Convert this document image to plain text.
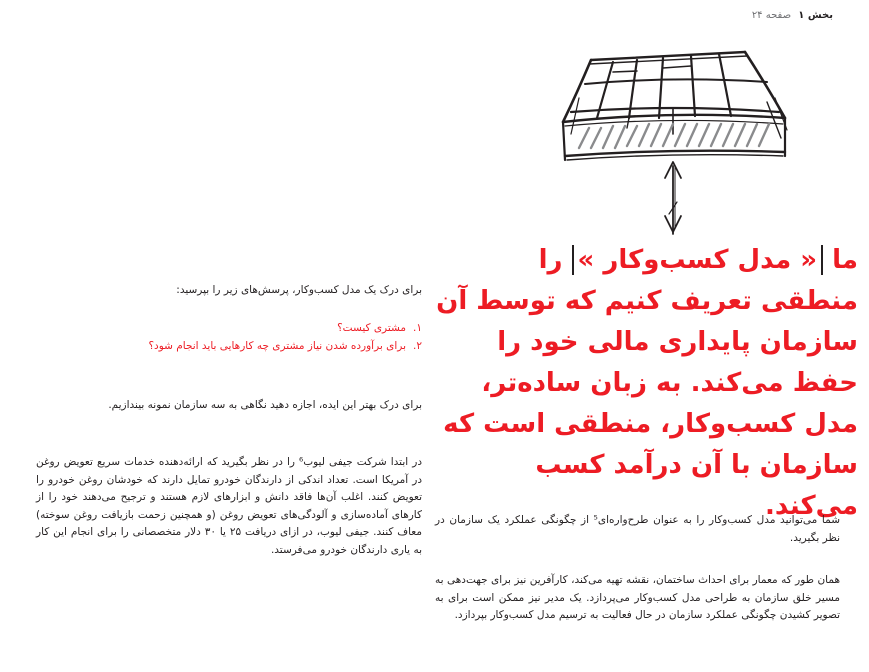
برای درک یک مدل کسب‌وکار، پرسش‌های زیر را بپرسید:

۱.
مشتری کیست؟
۲.
برای برآورده شدن نیاز مشتری چه کارهایی باید انجام شود؟

برای درک بهتر این ایده، اجازه دهید نگاهی به سه سازمان نمونه بیندازیم.

در ابتدا شرکت جیفی لیوب⁶ را در نظر بگیرید که ارائه‌دهنده خدمات سریع تعویض روغن در آمریکا است. تعداد اندکی از دارندگان خودرو تمایل دارند که خودشان روغن خودرو را تعویض کنند. اغلب آن‌ها فاقد دانش و ابزارهای لازم هستند و ترجیح می‌دهند خود را از کارهای آماده‌سازی و آلودگی‌های تعویض روغن (و همچنین زحمت بازیافت روغن سوخته) معاف کنند. جیفی لیوب، در ازای دریافت ۲۵ یا ۳۰ دلار متخصصانی را برای انجام این کار به یاری دارندگان خودرو می‌فرستد.

بخش ۱ صفحه ۲۴
ما « مدل کسب‌وکار » را منطقی تعریف کنیم که توسط آن سازمان پایداری مالی خود را حفظ می‌کند. به زبان ساده‌تر، مدل کسب‌وکار، منطقی است که سازمان با آن درآمد کسب می‌کند.

شما می‌توانید مدل کسب‌وکار را به عنوان طرح‌واره‌ای⁵ از چگونگی عملکرد یک سازمان در نظر بگیرید.

همان طور که معمار برای احداث ساختمان، نقشه تهیه می‌کند، کارآفرین نیز برای جهت‌دهی به مسیر خلق سازمان به طراحی مدل کسب‌وکار می‌پردازد. یک مدیر نیز ممکن است برای به تصویر کشیدن چگونگی عملکرد سازمان در حال فعالیت به ترسیم مدل کسب‌وکار بپردازد.
